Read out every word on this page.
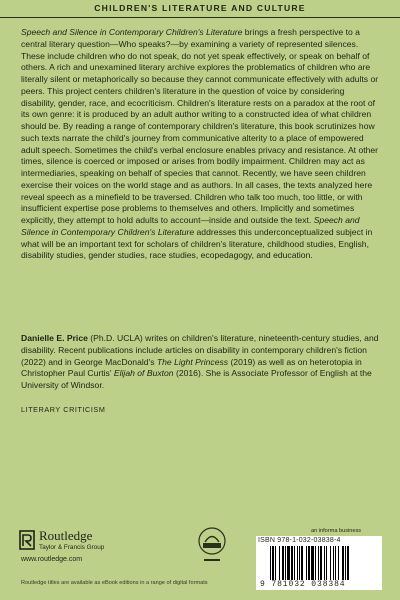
CHILDREN'S LITERATURE AND CULTURE

Speech and Silence in Contemporary Children's Literature brings a fresh perspective to a central literary question—Who speaks?—by examining a variety of represented silences. These include children who do not speak, do not yet speak effectively, or speak on behalf of others. A rich and unexamined literary archive explores the problematics of children who are literally silent or metaphorically so because they cannot communicate effectively with adults or peers. This project centers children's literature in the question of voice by considering disability, gender, race, and ecocriticism. Children's literature rests on a paradox at the root of its own genre: it is produced by an adult author writing to a constructed idea of what children should be. By reading a range of contemporary children's literature, this book scrutinizes how such texts narrate the child's journey from communicative alterity to a place of empowered adult speech. Sometimes the child's verbal enclosure enables privacy and resistance. At other times, silence is coerced or imposed or arises from bodily impairment. Children may act as intermediaries, speaking on behalf of species that cannot. Recently, we have seen children exercise their voices on the world stage and as authors. In all cases, the texts analyzed here reveal speech as a minefield to be traversed. Children who talk too much, too little, or with insufficient expertise pose problems to themselves and others. Implicitly and sometimes explicitly, they attempt to hold adults to account—inside and outside the text. Speech and Silence in Contemporary Children's Literature addresses this underconceptualized subject in what will be an important text for scholars of children's literature, childhood studies, English, disability studies, gender studies, race studies, ecopedagogy, and education.

Danielle E. Price (Ph.D. UCLA) writes on children's literature, nineteenth-century studies, and disability. Recent publications include articles on disability in contemporary children's fiction (2022) and in George MacDonald's The Light Princess (2019) as well as on heterotopia in Christopher Paul Curtis' Elijah of Buxton (2016). She is Associate Professor of English at the University of Windsor.

LITERARY CRITICISM
Routledge
Taylor & Francis Group
www.routledge.com
Routledge titles are available as eBook editions in a range of digital formats
an informa business
ISBN 978-1-032-03838-4
9 781032 038384
